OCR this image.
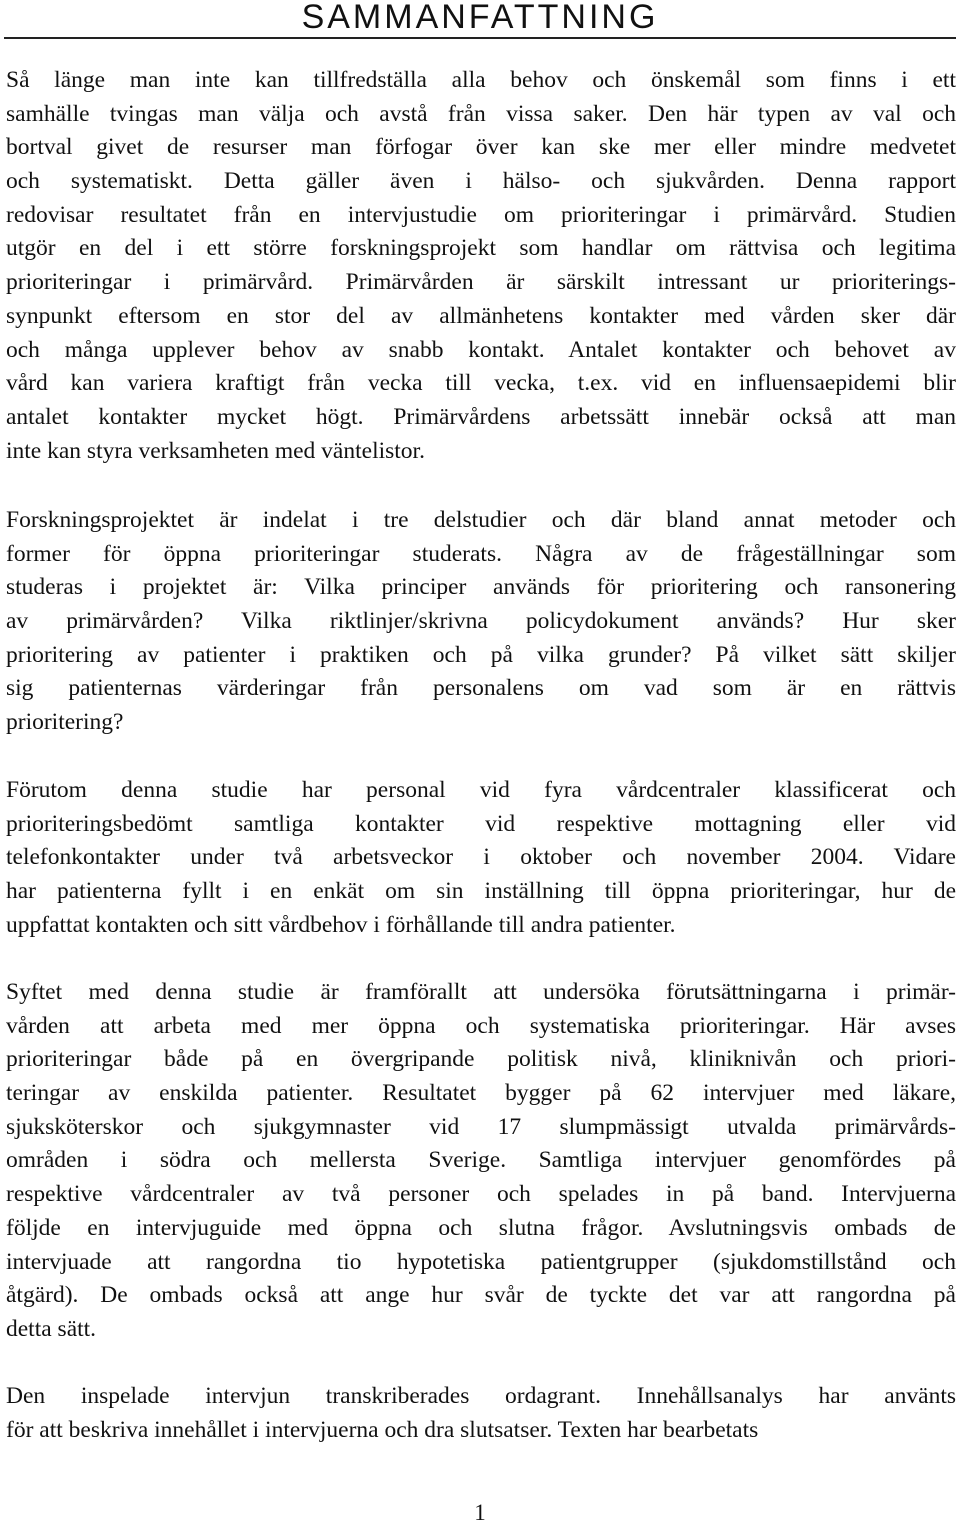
SAMMANFATTNING
Så länge man inte kan tillfredställa alla behov och önskemål som finns i ett
samhälle tvingas man välja och avstå från vissa saker. Den här typen av val och
bortval givet de resurser man förfogar över kan ske mer eller mindre medvetet
och systematiskt. Detta gäller även i hälso- och sjukvården. Denna rapport
redovisar resultatet från en intervjustudie om prioriteringar i primärvård. Studien
utgör en del i ett större forskningsprojekt som handlar om rättvisa och legitima
prioriteringar i primärvård. Primärvården är särskilt intressant ur prioriterings-
synpunkt eftersom en stor del av allmänhetens kontakter med vården sker där
och många upplever behov av snabb kontakt. Antalet kontakter och behovet av
vård kan variera kraftigt från vecka till vecka, t.ex. vid en influensaepidemi blir
antalet kontakter mycket högt. Primärvårdens arbetssätt innebär också att man
inte kan styra verksamheten med väntelistor.
Forskningsprojektet är indelat i tre delstudier och där bland annat metoder och
former för öppna prioriteringar studerats. Några av de frågeställningar som
studeras i projektet är: Vilka principer används för prioritering och ransonering
av primärvården? Vilka riktlinjer/skrivna policydokument används? Hur sker
prioritering av patienter i praktiken och på vilka grunder? På vilket sätt skiljer
sig patienternas värderingar från personalens om vad som är en rättvis
prioritering?
Förutom denna studie har personal vid fyra vårdcentraler klassificerat och
prioriteringsbedömt samtliga kontakter vid respektive mottagning eller vid
telefonkontakter under två arbetsveckor i oktober och november 2004. Vidare
har patienterna fyllt i en enkät om sin inställning till öppna prioriteringar, hur de
uppfattat kontakten och sitt vårdbehov i förhållande till andra patienter.
Syftet med denna studie är framförallt att undersöka förutsättningarna i primär-
vården att arbeta med mer öppna och systematiska prioriteringar. Här avses
prioriteringar både på en övergripande politisk nivå, kliniknivån och priori-
teringar av enskilda patienter. Resultatet bygger på 62 intervjuer med läkare,
sjuksköterskor och sjukgymnaster vid 17 slumpmässigt utvalda primärvårds-
områden i södra och mellersta Sverige. Samtliga intervjuer genomfördes på
respektive vårdcentraler av två personer och spelades in på band. Intervjuerna
följde en intervjuguide med öppna och slutna frågor. Avslutningsvis ombads de
intervjuade att rangordna tio hypotetiska patientgrupper (sjukdomstillstånd och
åtgärd). De ombads också att ange hur svår de tyckte det var att rangordna på
detta sätt.
Den inspelade intervjun transkriberades ordagrant. Innehållsanalys har använts
för att beskriva innehållet i intervjuerna och dra slutsatser. Texten har bearbetats
1
